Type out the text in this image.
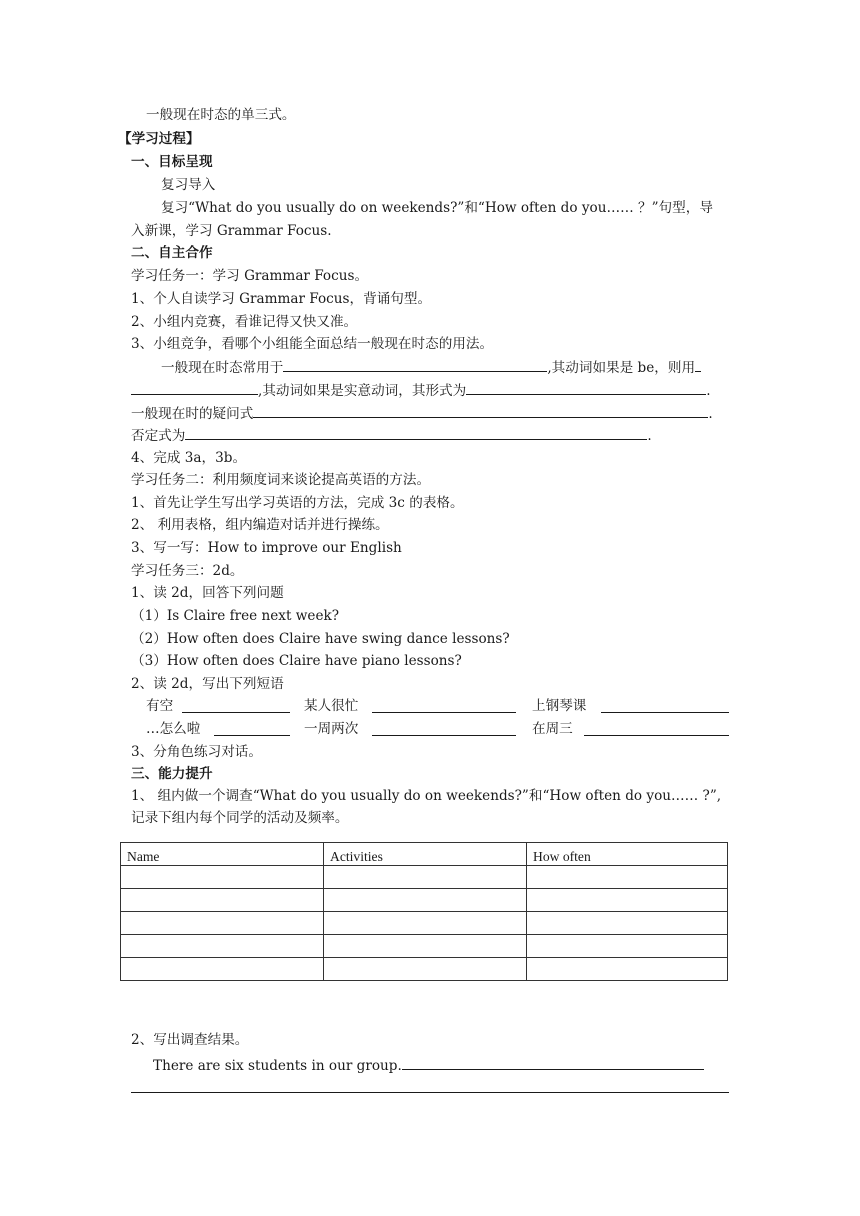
一般现在时态的单三式。
【学习过程】
一、目标呈现
复习导入
复习“What do you usually do on weekends?”和“How often do you…… ？”句型，导
入新课，学习 Grammar Focus.
二、自主合作
学习任务一：学习 Grammar Focus。
1、个人自读学习 Grammar Focus，背诵句型。
2、小组内竞赛，看谁记得又快又准。
3、小组竞争，看哪个小组能全面总结一般现在时态的用法。
一般现在时态常用于	,其动词如果是 be，则用
,其动词如果是实意动词，其形式为	.
一般现在时的疑问式	.
否定式为	.
4、完成 3a，3b。
学习任务二：利用频度词来谈论提高英语的方法。
1、首先让学生写出学习英语的方法，完成 3c 的表格。
2、 利用表格，组内编造对话并进行操练。
3、写一写：How to improve our English
学习任务三：2d。
1、读 2d，回答下列问题
（1）Is Claire free next week?
（2）How often does Claire have swing dance lessons?
（3）How often does Claire have piano lessons?
2、读 2d，写出下列短语
有空	某人很忙	上钢琴课
…怎么啦	一周两次	在周三
3、分角色练习对话。
三、能力提升
1、 组内做一个调查“What do you usually do on weekends?”和“How often do you…… ?”,
记录下组内每个同学的活动及频率。
Name	Activities	How often

2、写出调查结果。
There are six students in our group.
